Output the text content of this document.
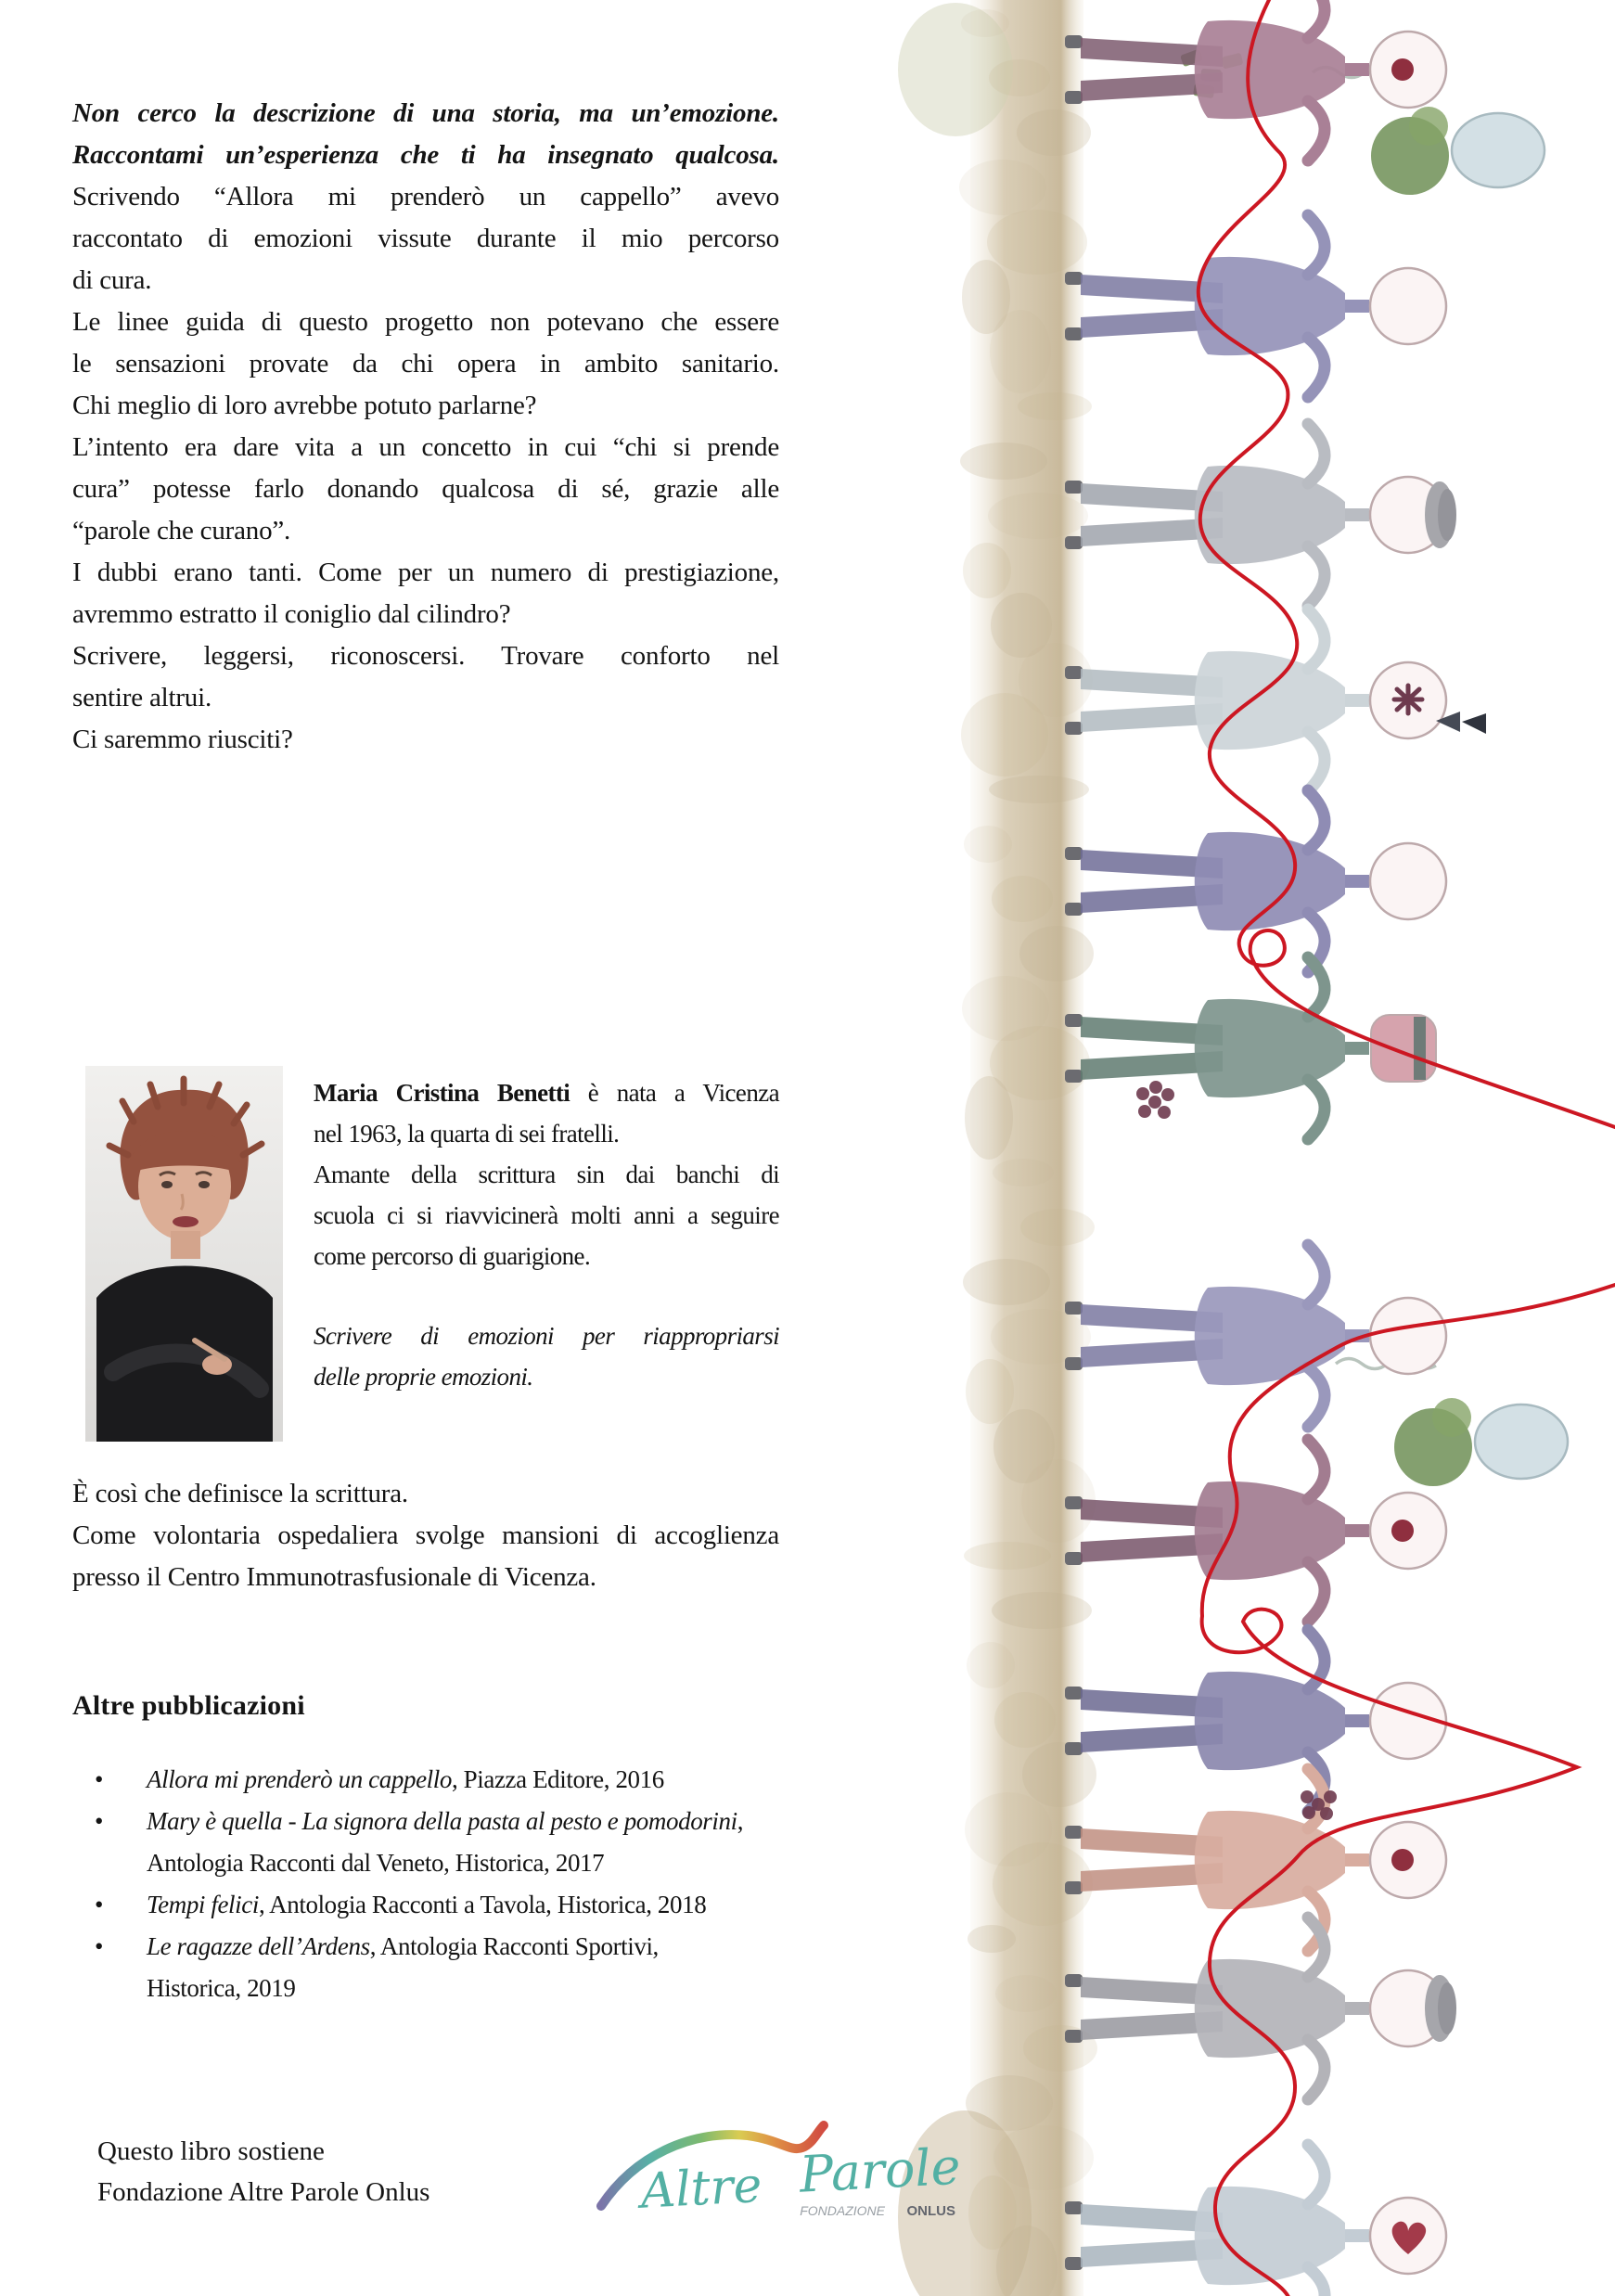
Non cerco la descrizione di una storia, ma un’emozione.
Raccontami un’esperienza che ti ha insegnato qualcosa.
Scrivendo “Allora mi prenderò un cappello” avevo
raccontato di emozioni vissute durante il mio percorso
di cura.
Le linee guida di questo progetto non potevano che essere
le sensazioni provate da chi opera in ambito sanitario.
Chi meglio di loro avrebbe potuto parlarne?
L’intento era dare vita a un concetto in cui “chi si prende
cura” potesse farlo donando qualcosa di sé, grazie alle
“parole che curano”.
I dubbi erano tanti. Come per un numero di prestigiazione,
avremmo estratto il coniglio dal cilindro?
Scrivere, leggersi, riconoscersi. Trovare conforto nel
sentire altrui.
Ci saremmo riusciti?
Maria Cristina Benetti è nata a Vicenza
nel 1963, la quarta di sei fratelli.
Amante della scrittura sin dai banchi di
scuola ci si riavvicinerà molti anni a seguire
come percorso di guarigione.
Scrivere di emozioni per riappropriarsi
delle proprie emozioni.
È così che definisce la scrittura.
Come volontaria ospedaliera svolge mansioni di accoglienza
presso il Centro Immunotrasfusionale di Vicenza.
Altre pubblicazioni
•	Allora mi prenderò un cappello, Piazza Editore, 2016
•	Mary è quella - La signora della pasta al pesto e pomodorini,
Antologia Racconti dal Veneto, Historica, 2017
•	Tempi felici, Antologia Racconti a Tavola, Historica, 2018
•	Le ragazze dell’Ardens, Antologia Racconti Sportivi,
Historica, 2019
Questo libro sostiene
Fondazione Altre Parole Onlus	Altre Parole
FONDAZIONE ONLUS
